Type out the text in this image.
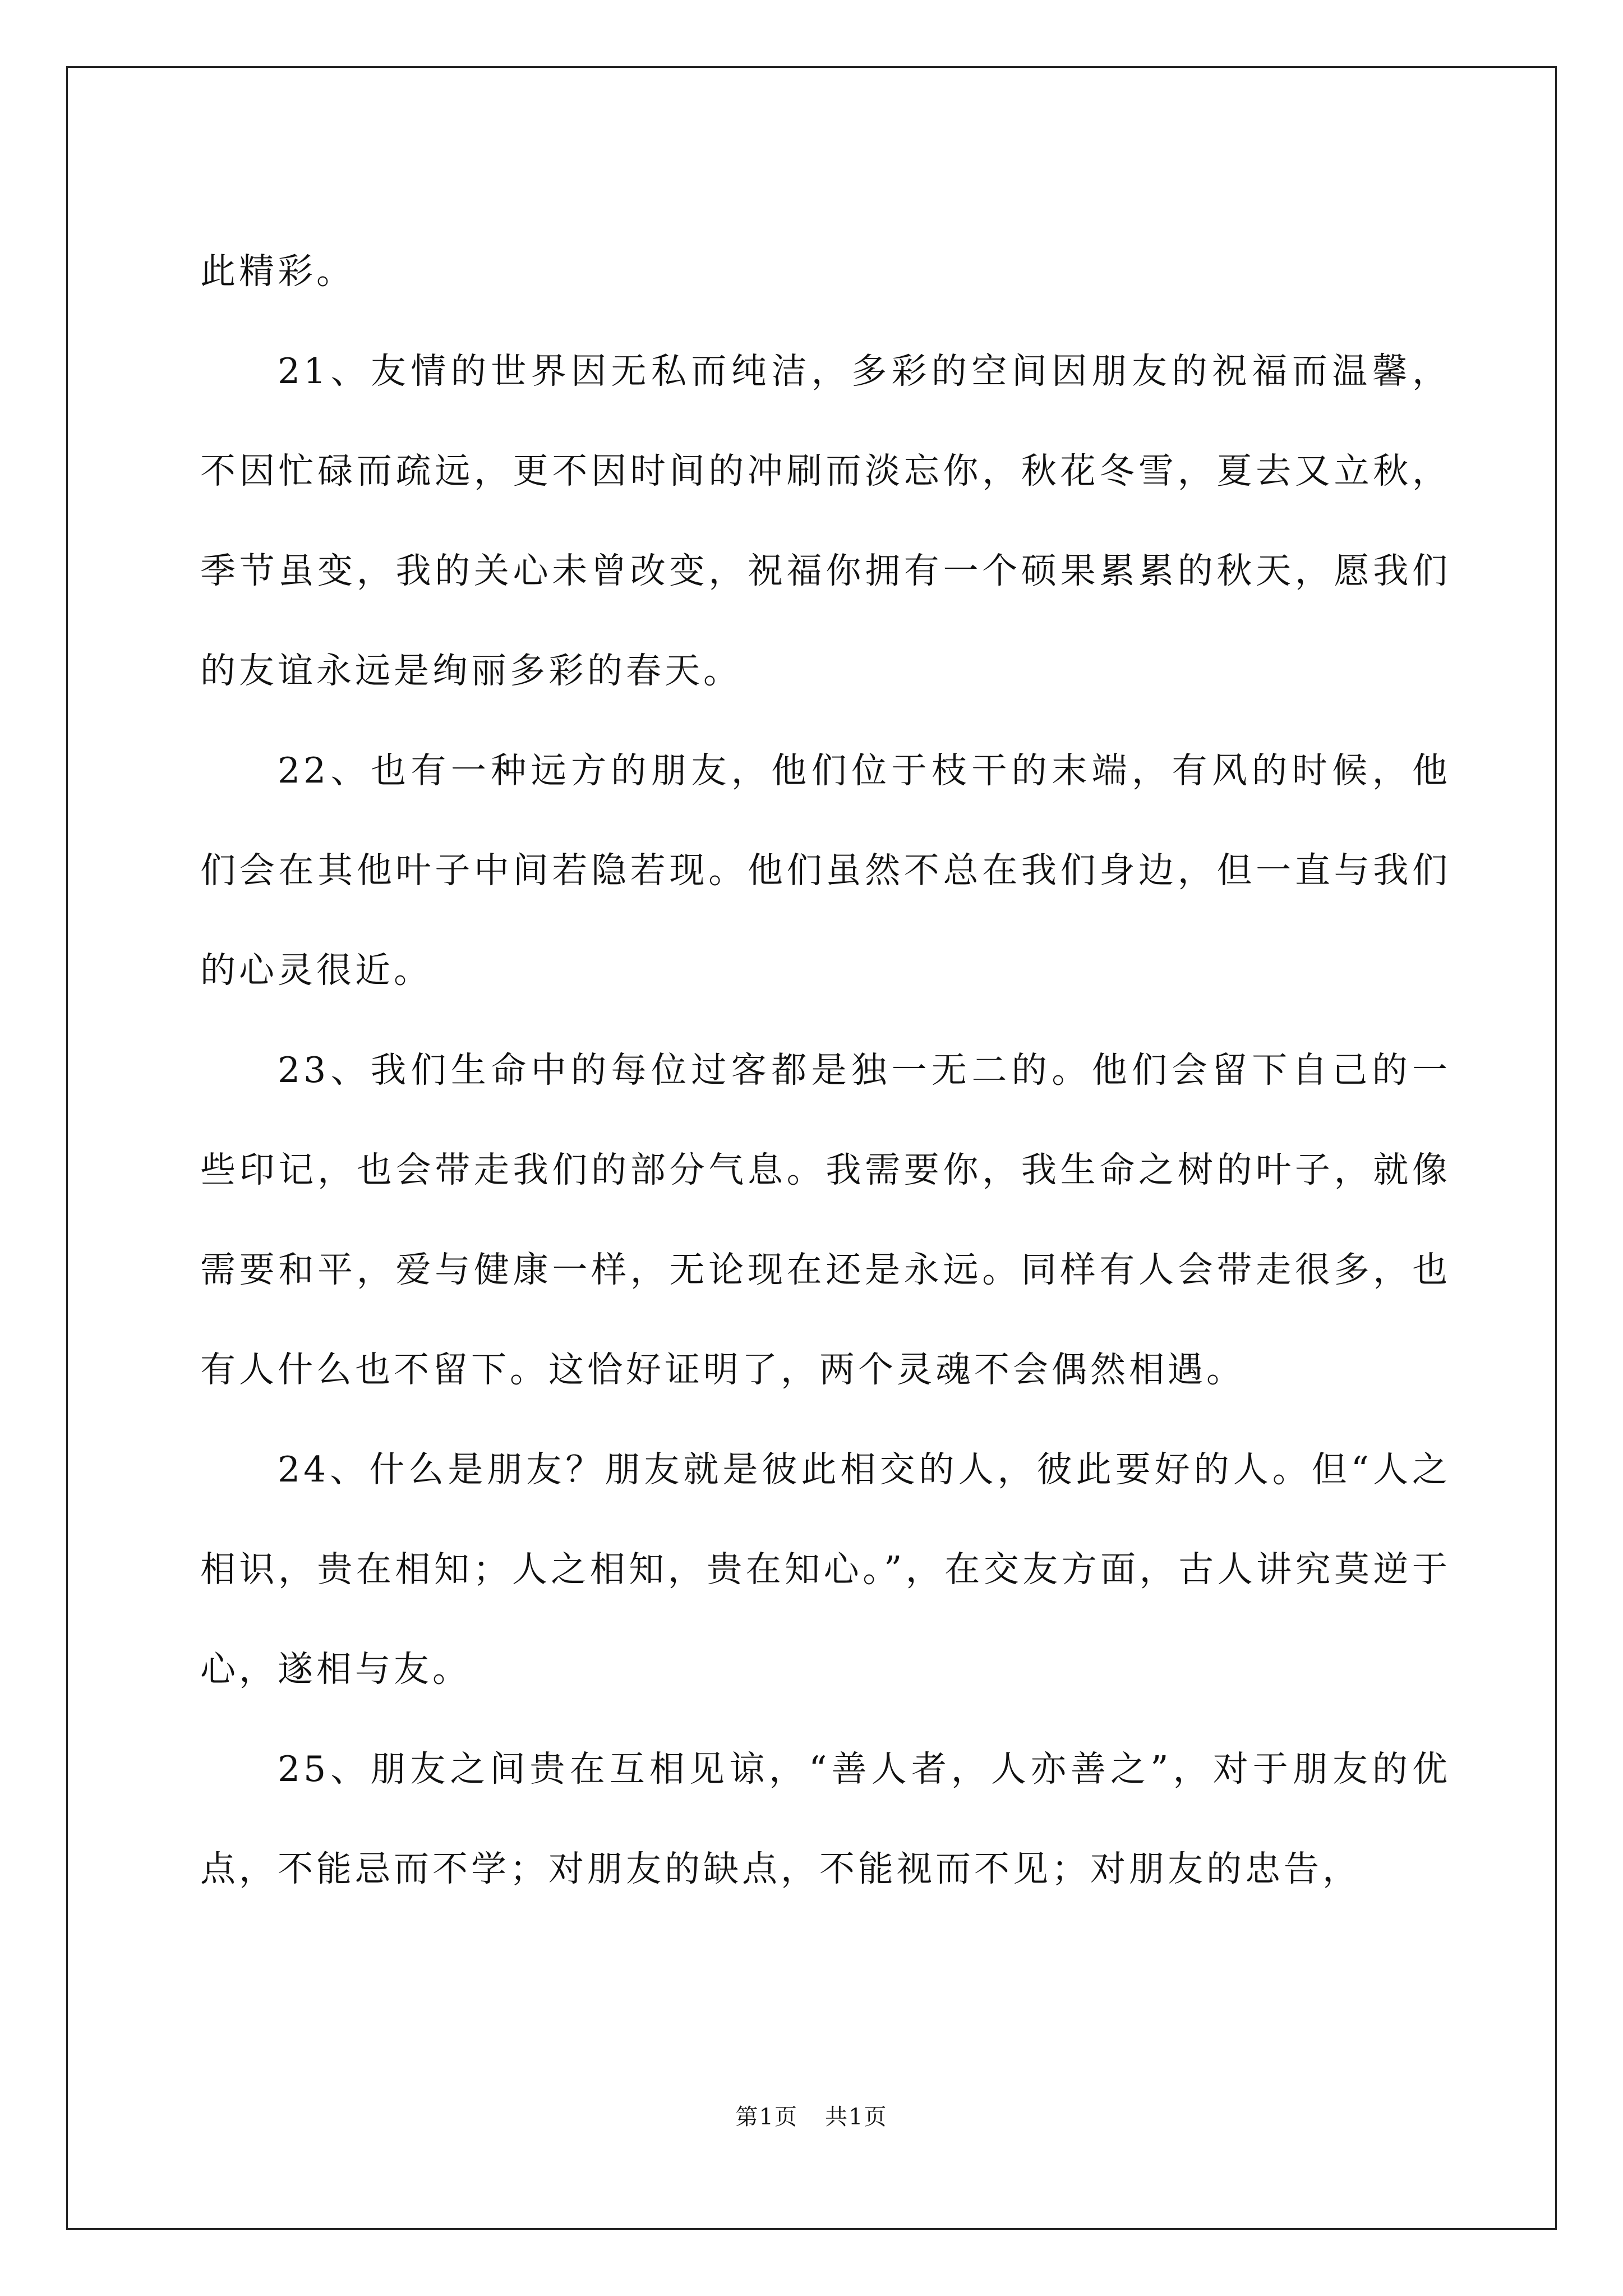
此精彩。

21、友情的世界因无私而纯洁，多彩的空间因朋友的祝福而温馨，不因忙碌而疏远，更不因时间的冲刷而淡忘你，秋花冬雪，夏去又立秋，季节虽变，我的关心未曾改变，祝福你拥有一个硕果累累的秋天，愿我们的友谊永远是绚丽多彩的春天。

22、也有一种远方的朋友，他们位于枝干的末端，有风的时候，他们会在其他叶子中间若隐若现。他们虽然不总在我们身边，但一直与我们的心灵很近。

23、我们生命中的每位过客都是独一无二的。他们会留下自己的一些印记，也会带走我们的部分气息。我需要你，我生命之树的叶子，就像需要和平，爱与健康一样，无论现在还是永远。同样有人会带走很多，也有人什么也不留下。这恰好证明了，两个灵魂不会偶然相遇。

24、什么是朋友？朋友就是彼此相交的人，彼此要好的人。但“人之相识，贵在相知；人之相知，贵在知心。”，在交友方面，古人讲究莫逆于心，遂相与友。

25、朋友之间贵在互相见谅，“善人者，人亦善之”，对于朋友的优点，不能忌而不学；对朋友的缺点，不能视而不见；对朋友的忠告，

第1页 共1页
